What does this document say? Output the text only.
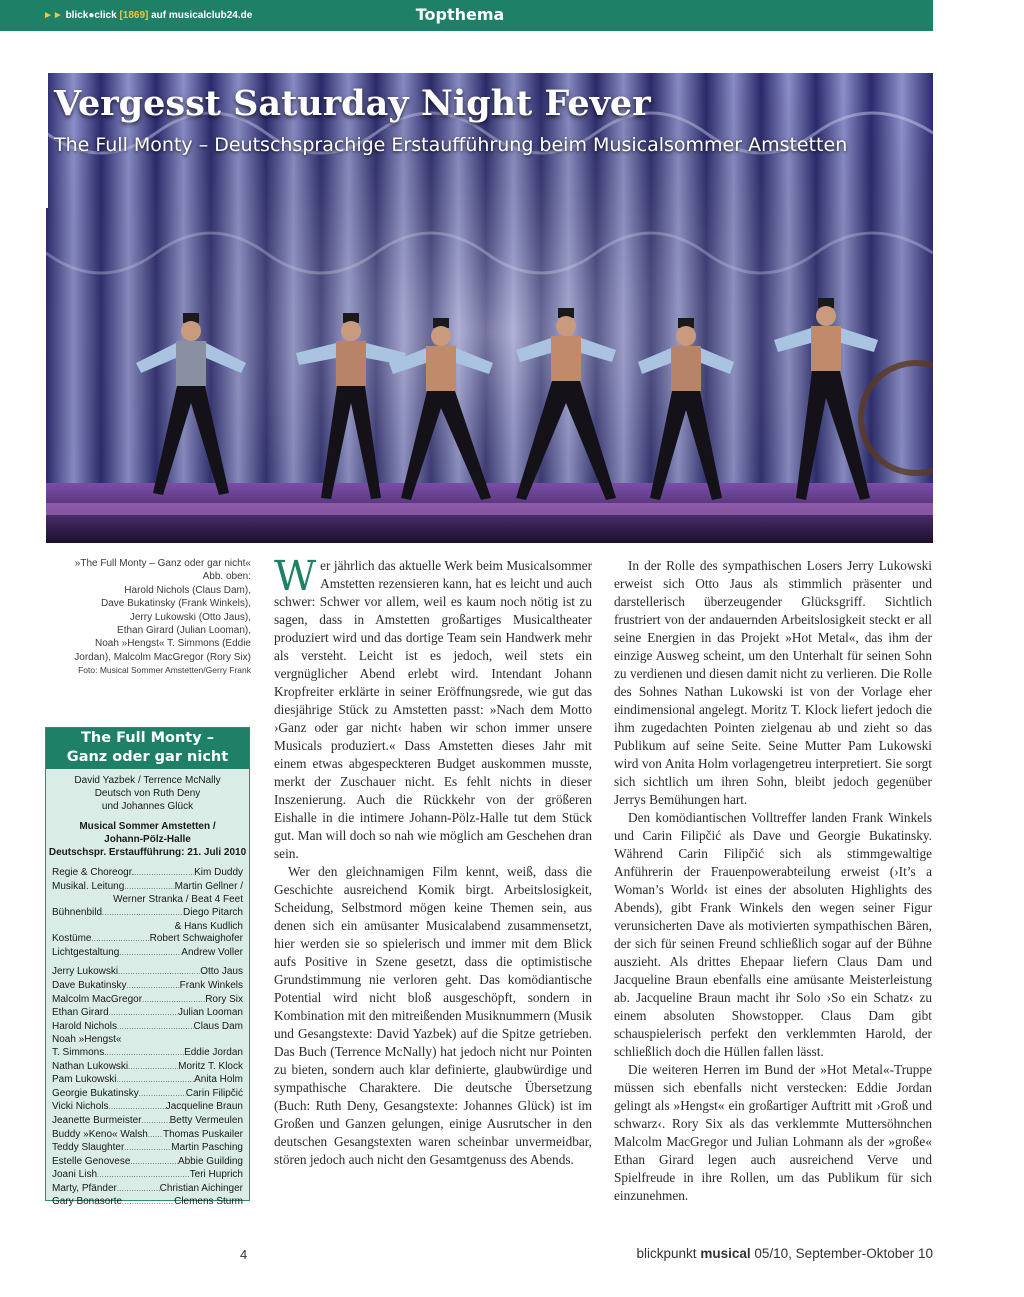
►► blick●click [1869] auf musicalclub24.de	Topthema
Vergesst Saturday Night Fever
The Full Monty – Deutschsprachige Erstaufführung beim Musicalsommer Amstetten
»The Full Monty – Ganz oder gar nicht«
Abb. oben:
Harold Nichols (Claus Dam),
Dave Bukatinsky (Frank Winkels),
Jerry Lukowski (Otto Jaus),
Ethan Girard (Julian Looman),
Noah »Hengst« T. Simmons (Eddie
Jordan), Malcolm MacGregor (Rory Six)
Foto: Musical Sommer Amstetten/Gerry Frank
The Full Monty –
Ganz oder gar nicht
David Yazbek / Terrence McNally
Deutsch von Ruth Deny
und Johannes Glück
Musical Sommer Amstetten /
Johann-Pölz-Halle
Deutschspr. Erstaufführung: 21. Juli 2010
Regie & Choreogr. .....	Kim Duddy
Musikal. Leitung .....	Martin Gellner /
Werner Stranka / Beat 4 Feet
Bühnenbild .....	Diego Pitarch
& Hans Kudlich
Kostüme .....	Robert Schwaighofer
Lichtgestaltung .....	Andrew Voller
Jerry Lukowski .....	Otto Jaus
Dave Bukatinsky .....	Frank Winkels
Malcolm MacGregor .....	Rory Six
Ethan Girard .....	Julian Looman
Harold Nichols .....	Claus Dam
Noah »Hengst«
T. Simmons .....	Eddie Jordan
Nathan Lukowski .....	Moritz T. Klock
Pam Lukowski .....	Anita Holm
Georgie Bukatinsky .....	Carin Filipčić
Vicki Nichols .....	Jacqueline Braun
Jeanette Burmeister .....	Betty Vermeulen
Buddy »Keno« Walsh ..... Thomas Puskailer
Teddy Slaughter .....	Martin Pasching
Estelle Genovese .....	Abbie Guilding
Joani Lish .....	Teri Huprich
Marty, Pfänder .....	Christian Aichinger
Gary Bonasorte .....	Clemens Sturm

Wer jährlich das aktuelle Werk beim Musicalsommer Amstetten rezensieren kann, hat es leicht und auch schwer: Schwer vor allem, weil es kaum noch nötig ist zu sagen, dass in Amstetten großartiges Musicaltheater produziert wird und das dortige Team sein Handwerk mehr als versteht. Leicht ist es jedoch, weil stets ein vergnüglicher Abend erlebt wird. Intendant Johann Kropfreiter erklärte in seiner Eröffnungsrede, wie gut das diesjährige Stück zu Amstetten passt: »Nach dem Motto ›Ganz oder gar nicht‹ haben wir schon immer unsere Musicals produziert.« Dass Amstetten dieses Jahr mit einem etwas abgespeckteren Budget auskommen musste, merkt der Zuschauer nicht. Es fehlt nichts in dieser Inszenierung. Auch die Rückkehr von der größeren Eishalle in die intimere Johann-Pölz-Halle tut dem Stück gut. Man will doch so nah wie möglich am Geschehen dran sein.

Wer den gleichnamigen Film kennt, weiß, dass die Geschichte ausreichend Komik birgt. Arbeitslosigkeit, Scheidung, Selbstmord mögen keine Themen sein, aus denen sich ein amüsanter Musicalabend zusammensetzt, hier werden sie so spielerisch und immer mit dem Blick aufs Positive in Szene gesetzt, dass die optimistische Grundstimmung nie verloren geht. Das komödiantische Potential wird nicht bloß ausgeschöpft, sondern in Kombination mit den mitreißenden Musiknummern (Musik und Gesangstexte: David Yazbek) auf die Spitze getrieben. Das Buch (Terrence McNally) hat jedoch nicht nur Pointen zu bieten, sondern auch klar definierte, glaubwürdige und sympathische Charaktere. Die deutsche Übersetzung (Buch: Ruth Deny, Gesangstexte: Johannes Glück) ist im Großen und Ganzen gelungen, einige Ausrutscher in den deutschen Gesangstexten waren scheinbar unvermeidbar, stören jedoch auch nicht den Gesamtgenuss des Abends.

In der Rolle des sympathischen Losers Jerry Lukowski erweist sich Otto Jaus als stimmlich präsenter und darstellerisch überzeugender Glücksgriff. Sichtlich frustriert von der andauernden Arbeitslosigkeit steckt er all seine Energien in das Projekt »Hot Metal«, das ihm der einzige Ausweg scheint, um den Unterhalt für seinen Sohn zu verdienen und diesen damit nicht zu verlieren. Die Rolle des Sohnes Nathan Lukowski ist von der Vorlage eher eindimensional angelegt. Moritz T. Klock liefert jedoch die ihm zugedachten Pointen zielgenau ab und zieht so das Publikum auf seine Seite. Seine Mutter Pam Lukowski wird von Anita Holm vorlagengetreu interpretiert. Sie sorgt sich sichtlich um ihren Sohn, bleibt jedoch gegenüber Jerrys Bemühungen hart.

Den komödiantischen Volltreffer landen Frank Winkels und Carin Filipčić als Dave und Georgie Bukatinsky. Während Carin Filipčić sich als stimmgewaltige Anführerin der Frauenpowerabteilung erweist (›It’s a Woman’s World‹ ist eines der absoluten Highlights des Abends), gibt Frank Winkels den wegen seiner Figur verunsicherten Dave als motivierten sympathischen Bären, der sich für seinen Freund schließlich sogar auf der Bühne auszieht. Als drittes Ehepaar liefern Claus Dam und Jacqueline Braun ebenfalls eine amüsante Meisterleistung ab. Jacqueline Braun macht ihr Solo ›So ein Schatz‹ zu einem absoluten Showstopper. Claus Dam gibt schauspielerisch perfekt den verklemmten Harold, der schließlich doch die Hüllen fallen lässt.

Die weiteren Herren im Bund der »Hot Metal«-Truppe müssen sich ebenfalls nicht verstecken: Eddie Jordan gelingt als »Hengst« ein großartiger Auftritt mit ›Groß und schwarz‹. Rory Six als das verklemmte Muttersöhnchen Malcolm MacGregor und Julian Lohmann als der »große« Ethan Girard legen auch ausreichend Verve und Spielfreude in ihre Rollen, um das Publikum für sich einzunehmen.

4	blickpunkt musical 05/10, September-Oktober 10
